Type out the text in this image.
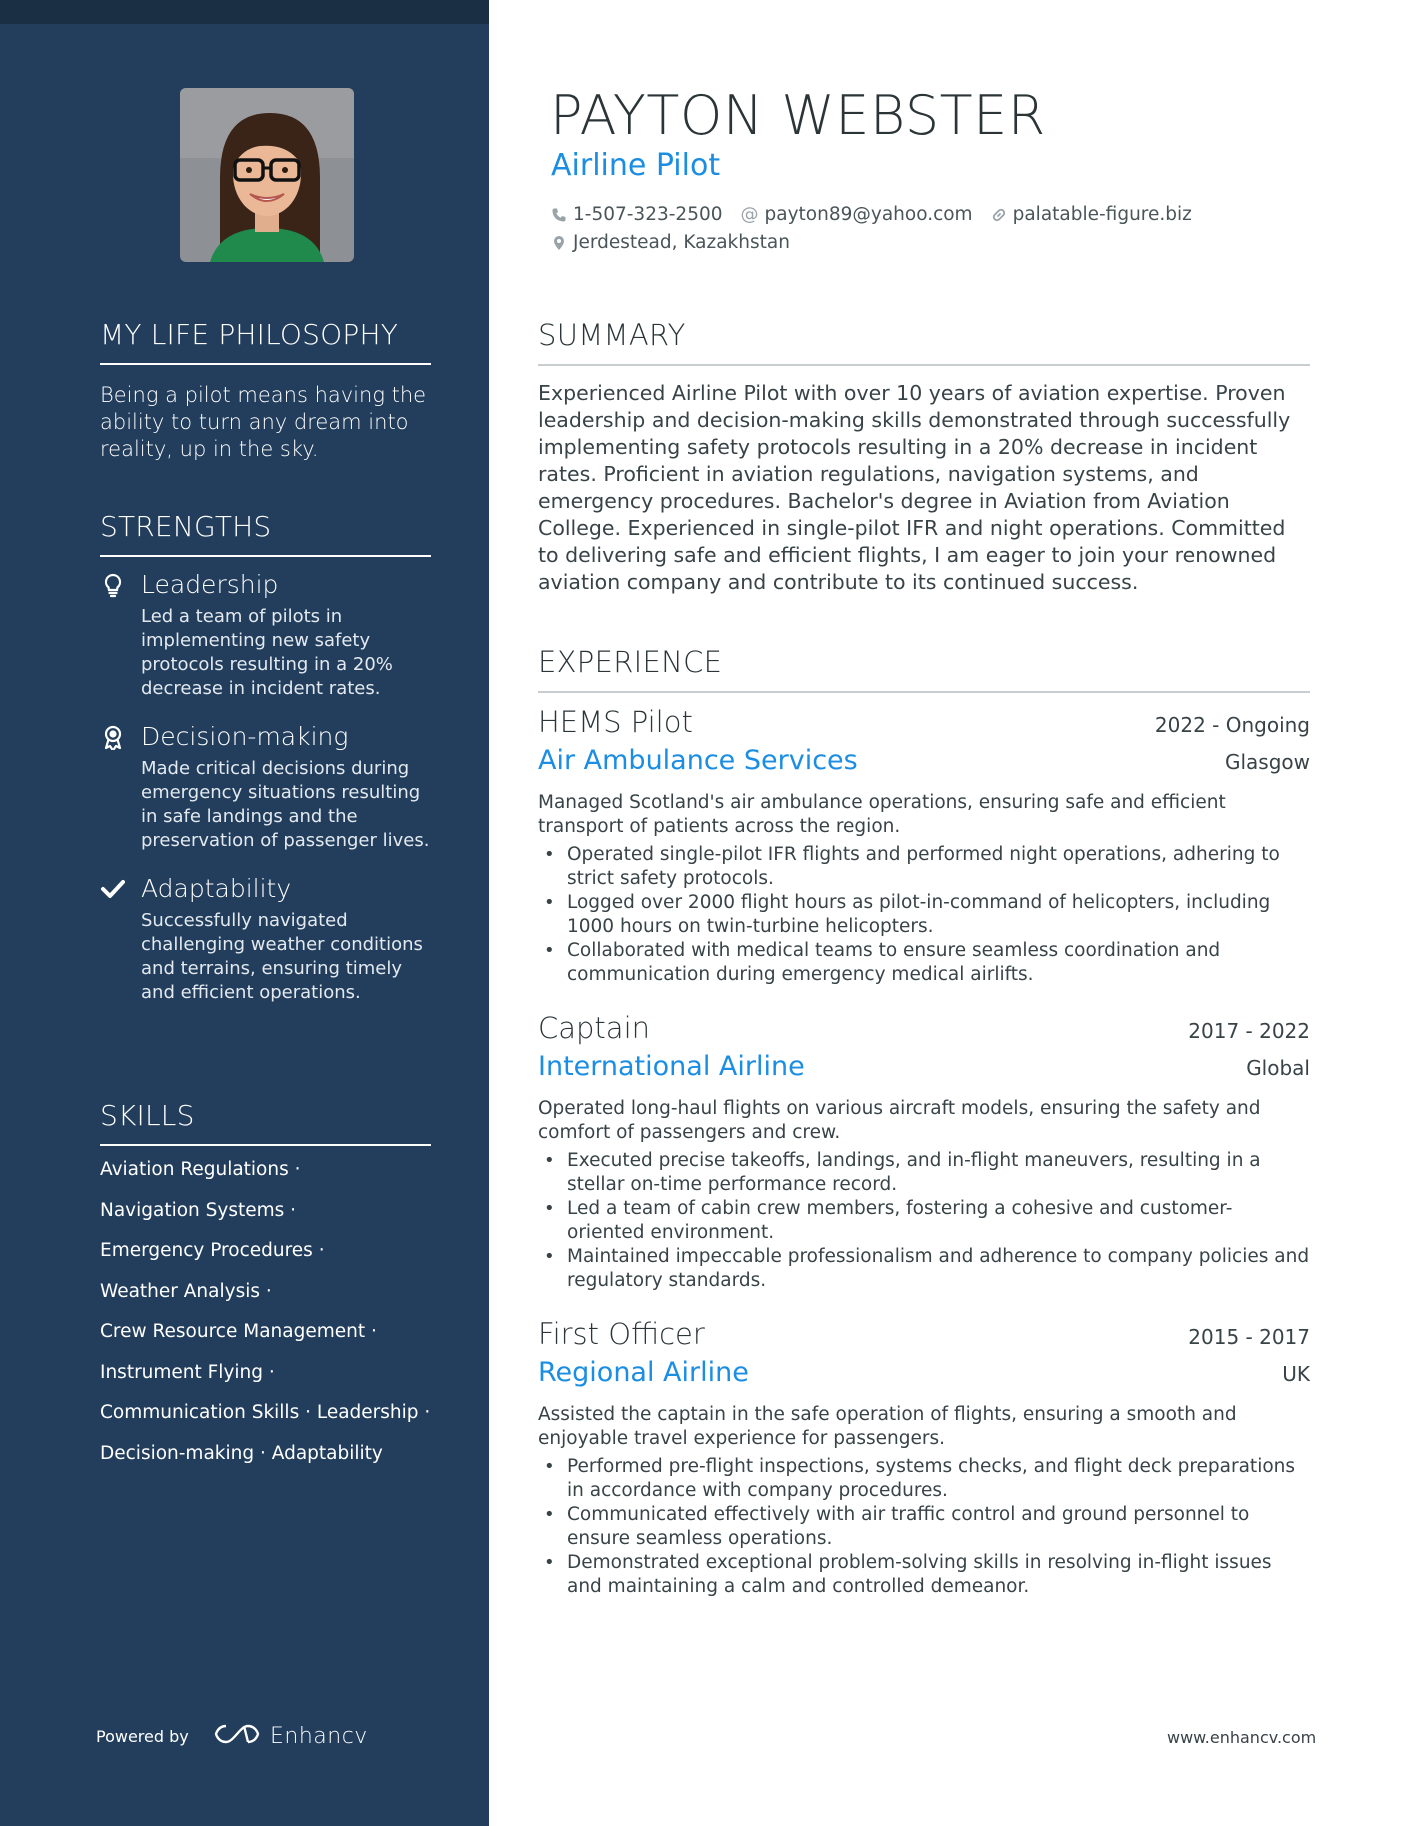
MY LIFE PHILOSOPHY

Being a pilot means having the ability to turn any dream into reality, up in the sky.

STRENGTHS
Leadership
Led a team of pilots in implementing new safety protocols resulting in a 20% decrease in incident rates.
Decision-making
Made critical decisions during emergency situations resulting in safe landings and the preservation of passenger lives.
Adaptability
Successfully navigated challenging weather conditions and terrains, ensuring timely and efficient operations.
SKILLS
Aviation Regulations ·
Navigation Systems ·
Emergency Procedures ·
Weather Analysis ·
Crew Resource Management ·
Instrument Flying ·
Communication Skills · Leadership ·
Decision-making · Adaptability
Powered by	Enhancv
PAYTON WEBSTER
Airline Pilot
1-507-323-2500 @ payton89@yahoo.com palatable-figure.biz
Jerdestead, Kazakhstan
SUMMARY

Experienced Airline Pilot with over 10 years of aviation expertise. Proven leadership and decision-making skills demonstrated through successfully implementing safety protocols resulting in a 20% decrease in incident rates. Proficient in aviation regulations, navigation systems, and emergency procedures. Bachelor's degree in Aviation from Aviation College. Experienced in single-pilot IFR and night operations. Committed to delivering safe and efficient flights, I am eager to join your renowned aviation company and contribute to its continued success.

EXPERIENCE
HEMS Pilot	2022 - Ongoing
Air Ambulance Services	Glasgow

Managed Scotland's air ambulance operations, ensuring safe and efficient transport of patients across the region.

• Operated single-pilot IFR flights and performed night operations, adhering to strict safety protocols.
• Logged over 2000 flight hours as pilot-in-command of helicopters, including 1000 hours on twin-turbine helicopters.
• Collaborated with medical teams to ensure seamless coordination and communication during emergency medical airlifts.
Captain	2017 - 2022
International Airline	Global

Operated long-haul flights on various aircraft models, ensuring the safety and comfort of passengers and crew.

• Executed precise takeoffs, landings, and in-flight maneuvers, resulting in a stellar on-time performance record.
• Led a team of cabin crew members, fostering a cohesive and customer-oriented environment.
• Maintained impeccable professionalism and adherence to company policies and regulatory standards.
First Officer	2015 - 2017
Regional Airline	UK

Assisted the captain in the safe operation of flights, ensuring a smooth and enjoyable travel experience for passengers.

• Performed pre-flight inspections, systems checks, and flight deck preparations in accordance with company procedures.
• Communicated effectively with air traffic control and ground personnel to ensure seamless operations.
• Demonstrated exceptional problem-solving skills in resolving in-flight issues and maintaining a calm and controlled demeanor.
www.enhancv.com
